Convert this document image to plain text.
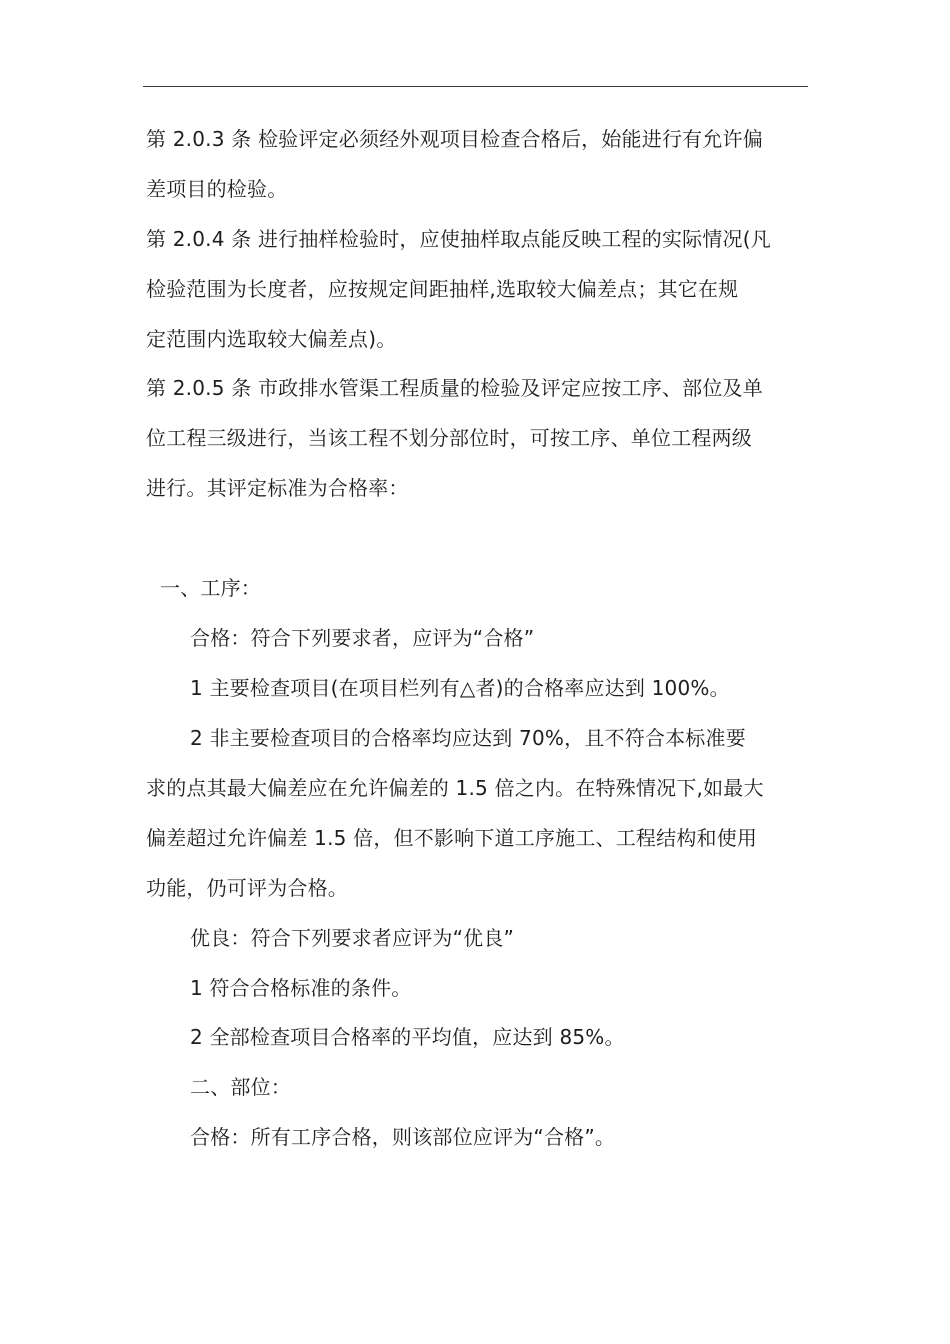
第 2.0.3 条 检验评定必须经外观项目检查合格后，始能进行有允许偏
差项目的检验。
第 2.0.4 条 进行抽样检验时，应使抽样取点能反映工程的实际情况(凡
检验范围为长度者，应按规定间距抽样,选取较大偏差点；其它在规
定范围内选取较大偏差点)。
第 2.0.5 条 市政排水管渠工程质量的检验及评定应按工序、部位及单
位工程三级进行，当该工程不划分部位时，可按工序、单位工程两级
进行。其评定标准为合格率：
一、工序：
合格：符合下列要求者，应评为“合格”
1 主要检查项目(在项目栏列有△者)的合格率应达到 100%。
2 非主要检查项目的合格率均应达到 70%，且不符合本标准要
求的点其最大偏差应在允许偏差的 1.5 倍之内。在特殊情况下,如最大
偏差超过允许偏差 1.5 倍，但不影响下道工序施工、工程结构和使用
功能，仍可评为合格。
优良：符合下列要求者应评为“优良”
1 符合合格标准的条件。
2 全部检查项目合格率的平均值，应达到 85%。
二、部位：
合格：所有工序合格，则该部位应评为“合格”。
